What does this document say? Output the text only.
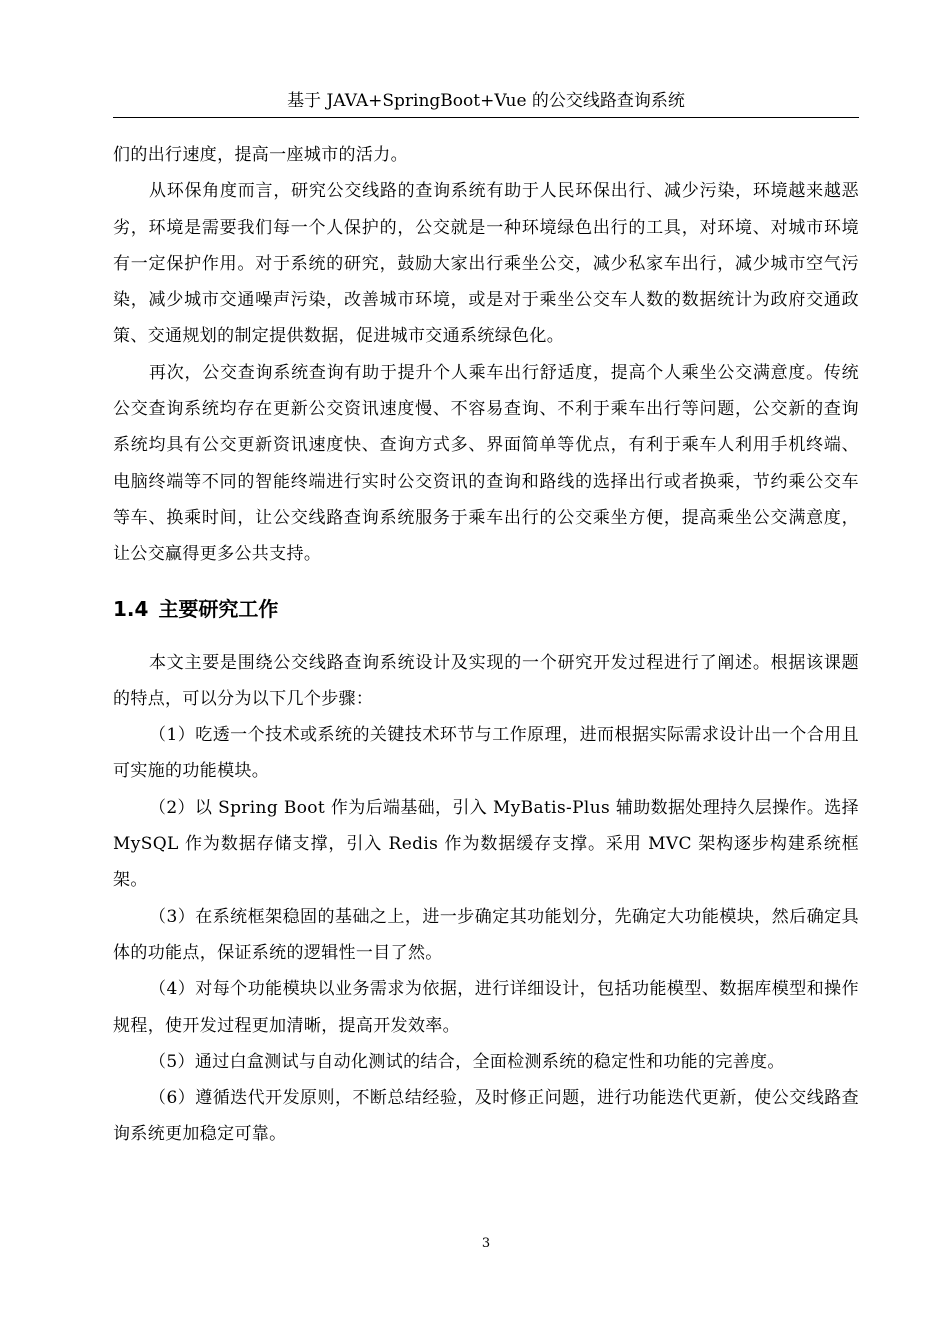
基于 JAVA+SpringBoot+Vue 的公交线路查询系统

们的出行速度，提高一座城市的活力。

从环保角度而言，研究公交线路的查询系统有助于人民环保出行、减少污染，环境越来越恶劣，环境是需要我们每一个人保护的，公交就是一种环境绿色出行的工具，对环境、对城市环境有一定保护作用。对于系统的研究，鼓励大家出行乘坐公交，减少私家车出行，减少城市空气污染，减少城市交通噪声污染，改善城市环境，或是对于乘坐公交车人数的数据统计为政府交通政策、交通规划的制定提供数据，促进城市交通系统绿色化。

再次，公交查询系统查询有助于提升个人乘车出行舒适度，提高个人乘坐公交满意度。传统公交查询系统均存在更新公交资讯速度慢、不容易查询、不利于乘车出行等问题，公交新的查询系统均具有公交更新资讯速度快、查询方式多、界面简单等优点，有利于乘车人利用手机终端、电脑终端等不同的智能终端进行实时公交资讯的查询和路线的选择出行或者换乘，节约乘公交车等车、换乘时间，让公交线路查询系统服务于乘车出行的公交乘坐方便，提高乘坐公交满意度，让公交赢得更多公共支持。

1.4 主要研究工作

本文主要是围绕公交线路查询系统设计及实现的一个研究开发过程进行了阐述。根据该课题的特点，可以分为以下几个步骤：

（1）吃透一个技术或系统的关键技术环节与工作原理，进而根据实际需求设计出一个合用且可实施的功能模块。

（2）以 Spring Boot 作为后端基础，引入 MyBatis-Plus 辅助数据处理持久层操作。选择 MySQL 作为数据存储支撑，引入 Redis 作为数据缓存支撑。采用 MVC 架构逐步构建系统框架。

（3）在系统框架稳固的基础之上，进一步确定其功能划分，先确定大功能模块，然后确定具体的功能点，保证系统的逻辑性一目了然。

（4）对每个功能模块以业务需求为依据，进行详细设计，包括功能模型、数据库模型和操作规程，使开发过程更加清晰，提高开发效率。

（5）通过白盒测试与自动化测试的结合，全面检测系统的稳定性和功能的完善度。

（6）遵循迭代开发原则，不断总结经验，及时修正问题，进行功能迭代更新，使公交线路查询系统更加稳定可靠。

3
